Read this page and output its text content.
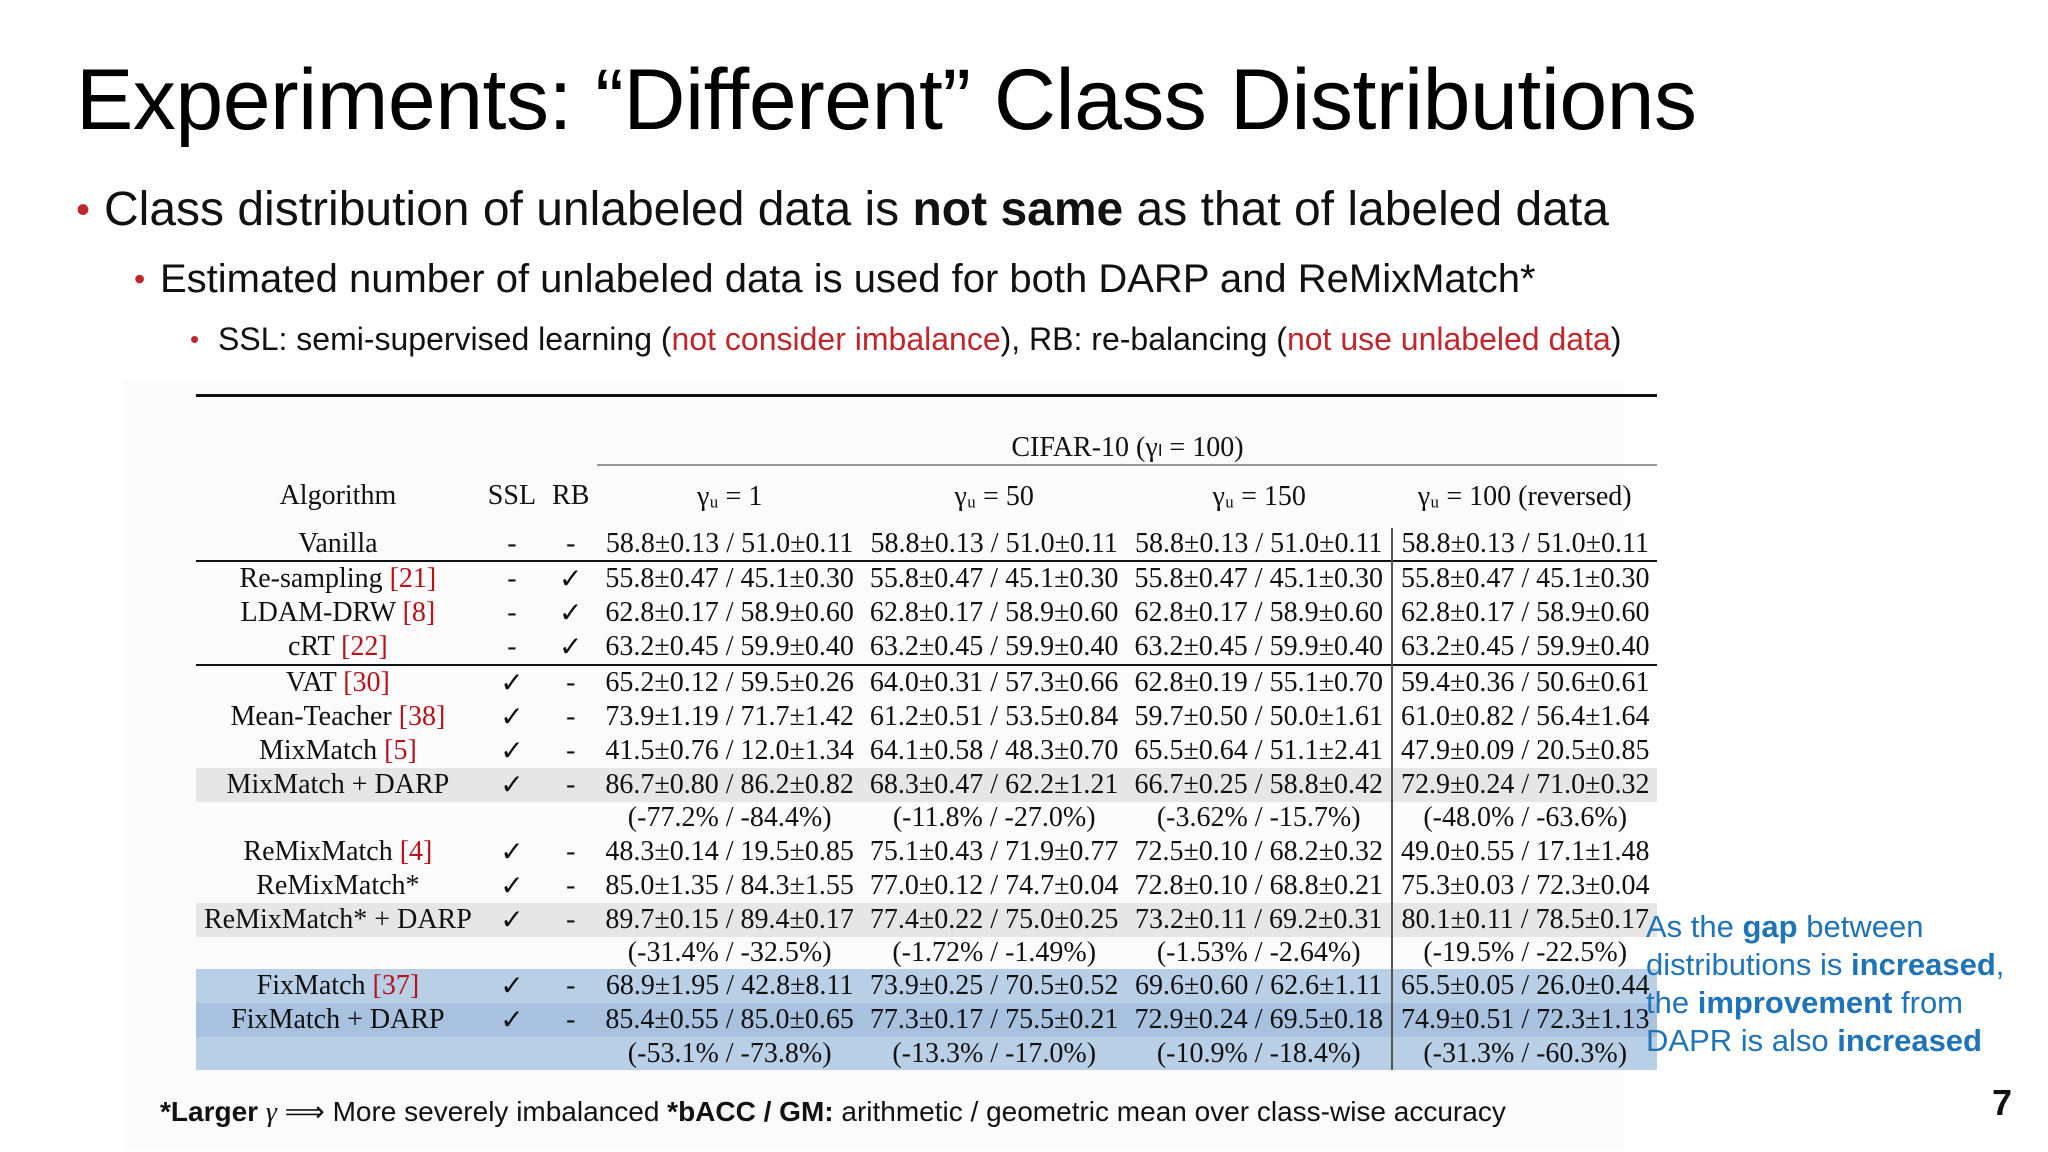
Experiments: “Different” Class Distributions
• Class distribution of unlabeled data is not same as that of labeled data
• Estimated number of unlabeled data is used for both DARP and ReMixMatch*
• SSL: semi-supervised learning (not consider imbalance), RB: re-balancing (not use unlabeled data)

			CIFAR-10 (γₗ = 100)			
Algorithm	SSL	RB	γᵤ = 1	γᵤ = 50	γᵤ = 150	γᵤ = 100 (reversed)
Vanilla	-	-	58.8±0.13 / 51.0±0.11	58.8±0.13 / 51.0±0.11	58.8±0.13 / 51.0±0.11	58.8±0.13 / 51.0±0.11
Re-sampling [21]	-	✓	55.8±0.47 / 45.1±0.30	55.8±0.47 / 45.1±0.30	55.8±0.47 / 45.1±0.30	55.8±0.47 / 45.1±0.30
LDAM-DRW [8]	-	✓	62.8±0.17 / 58.9±0.60	62.8±0.17 / 58.9±0.60	62.8±0.17 / 58.9±0.60	62.8±0.17 / 58.9±0.60
cRT [22]	-	✓	63.2±0.45 / 59.9±0.40	63.2±0.45 / 59.9±0.40	63.2±0.45 / 59.9±0.40	63.2±0.45 / 59.9±0.40
VAT [30]	✓	-	65.2±0.12 / 59.5±0.26	64.0±0.31 / 57.3±0.66	62.8±0.19 / 55.1±0.70	59.4±0.36 / 50.6±0.61
Mean-Teacher [38]	✓	-	73.9±1.19 / 71.7±1.42	61.2±0.51 / 53.5±0.84	59.7±0.50 / 50.0±1.61	61.0±0.82 / 56.4±1.64
MixMatch [5]	✓	-	41.5±0.76 / 12.0±1.34	64.1±0.58 / 48.3±0.70	65.5±0.64 / 51.1±2.41	47.9±0.09 / 20.5±0.85
MixMatch + DARP	✓	-	86.7±0.80 / 86.2±0.82	68.3±0.47 / 62.2±1.21	66.7±0.25 / 58.8±0.42	72.9±0.24 / 71.0±0.32
			(-77.2% / -84.4%)	(-11.8% / -27.0%)	(-3.62% / -15.7%)	(-48.0% / -63.6%)
ReMixMatch [4]	✓	-	48.3±0.14 / 19.5±0.85	75.1±0.43 / 71.9±0.77	72.5±0.10 / 68.2±0.32	49.0±0.55 / 17.1±1.48
ReMixMatch*	✓	-	85.0±1.35 / 84.3±1.55	77.0±0.12 / 74.7±0.04	72.8±0.10 / 68.8±0.21	75.3±0.03 / 72.3±0.04
ReMixMatch* + DARP	✓	-	89.7±0.15 / 89.4±0.17	77.4±0.22 / 75.0±0.25	73.2±0.11 / 69.2±0.31	80.1±0.11 / 78.5±0.17
			(-31.4% / -32.5%)	(-1.72% / -1.49%)	(-1.53% / -2.64%)	(-19.5% / -22.5%)
FixMatch [37]	✓	-	68.9±1.95 / 42.8±8.11	73.9±0.25 / 70.5±0.52	69.6±0.60 / 62.6±1.11	65.5±0.05 / 26.0±0.44
FixMatch + DARP	✓	-	85.4±0.55 / 85.0±0.65	77.3±0.17 / 75.5±0.21	72.9±0.24 / 69.5±0.18	74.9±0.51 / 72.3±1.13
			(-53.1% / -73.8%)	(-13.3% / -17.0%)	(-10.9% / -18.4%)	(-31.3% / -60.3%)
As the gap between distributions is increased, the improvement from DAPR is also increased
*Larger γ ⟹ More severely imbalanced *bACC / GM: arithmetic / geometric mean over class-wise accuracy	7
